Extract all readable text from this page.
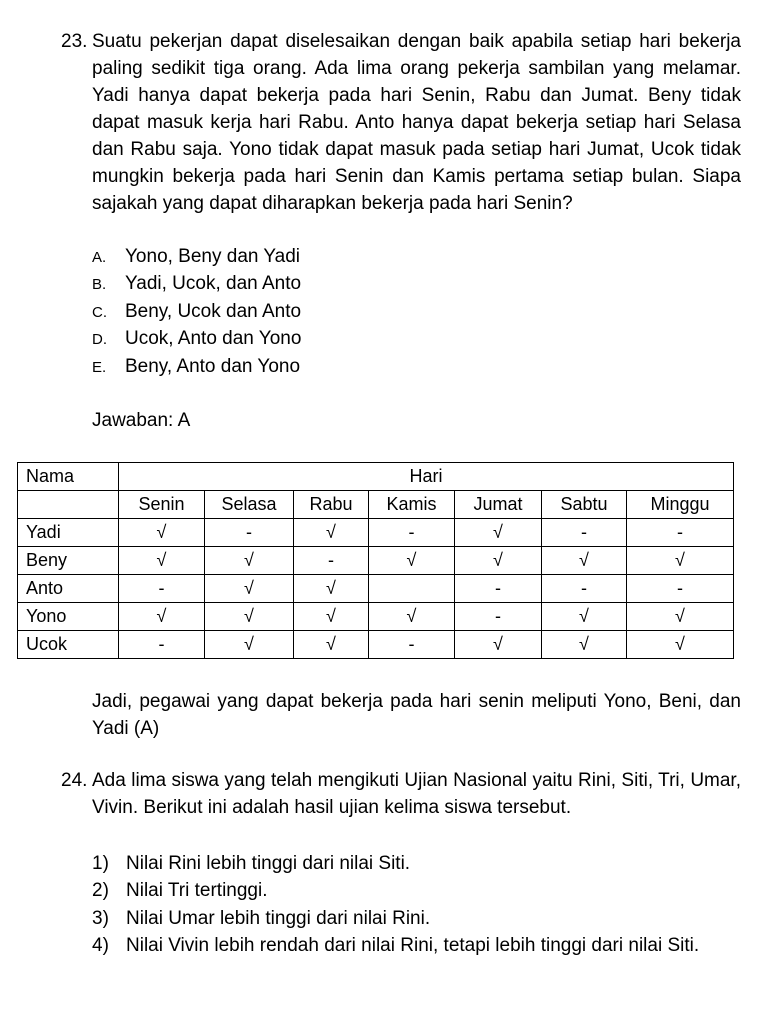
23. Suatu pekerjan dapat diselesaikan dengan baik apabila setiap hari bekerja paling sedikit tiga orang. Ada lima orang pekerja sambilan yang melamar. Yadi hanya dapat bekerja pada hari Senin, Rabu dan Jumat. Beny tidak dapat masuk kerja hari Rabu. Anto hanya dapat bekerja setiap hari Selasa dan Rabu saja. Yono tidak dapat masuk pada setiap hari Jumat, Ucok tidak mungkin bekerja pada hari Senin dan Kamis pertama setiap bulan. Siapa sajakah yang dapat diharapkan bekerja pada hari Senin?
A. Yono, Beny dan Yadi
B. Yadi, Ucok, dan Anto
C. Beny, Ucok dan Anto
D. Ucok, Anto dan Yono
E. Beny, Anto dan Yono
Jawaban: A
Nama	Hari						
	Senin	Selasa	Rabu	Kamis	Jumat	Sabtu	Minggu
Yadi	√	-	√	-	√	-	-
Beny	√	√	-	√	√	√	√
Anto	-	√	√		-	-	-
Yono	√	√	√	√	-	√	√
Ucok	-	√	√	-	√	√	√
Jadi, pegawai yang dapat bekerja pada hari senin meliputi Yono, Beni, dan Yadi (A)
24. Ada lima siswa yang telah mengikuti Ujian Nasional yaitu Rini, Siti, Tri, Umar, Vivin. Berikut ini adalah hasil ujian kelima siswa tersebut.
1) Nilai Rini lebih tinggi dari nilai Siti.
2) Nilai Tri tertinggi.
3) Nilai Umar lebih tinggi dari nilai Rini.
4) Nilai Vivin lebih rendah dari nilai Rini, tetapi lebih tinggi dari nilai Siti.
